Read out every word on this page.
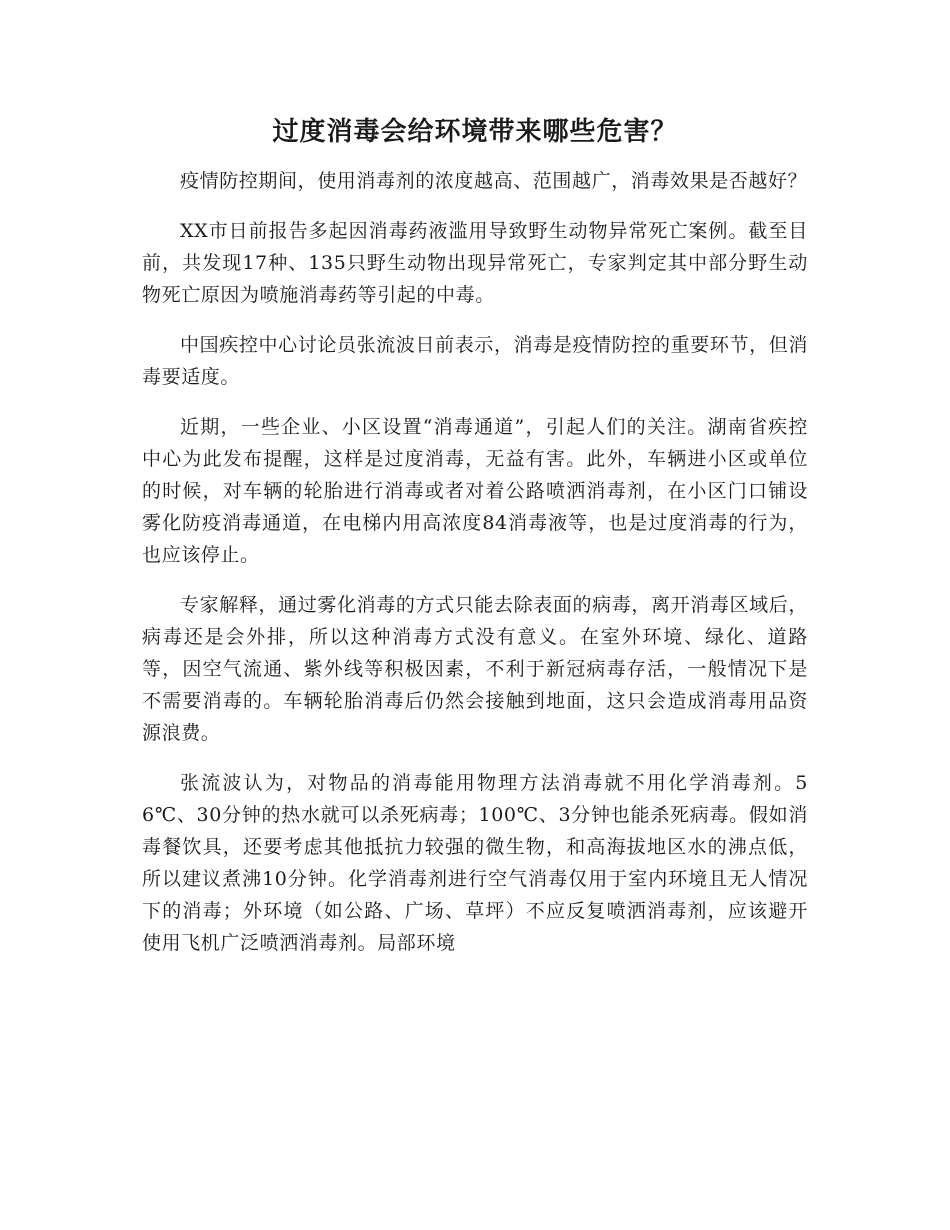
过度消毒会给环境带来哪些危害？

疫情防控期间，使用消毒剂的浓度越高、范围越广，消毒效果是否越好？

XX市日前报告多起因消毒药液滥用导致野生动物异常死亡案例。截至目前，共发现17种、135只野生动物出现异常死亡，专家判定其中部分野生动物死亡原因为喷施消毒药等引起的中毒。

中国疾控中心讨论员张流波日前表示，消毒是疫情防控的重要环节，但消毒要适度。

近期，一些企业、小区设置“消毒通道”，引起人们的关注。湖南省疾控中心为此发布提醒，这样是过度消毒，无益有害。此外，车辆进小区或单位的时候，对车辆的轮胎进行消毒或者对着公路喷洒消毒剂，在小区门口铺设雾化防疫消毒通道，在电梯内用高浓度84消毒液等，也是过度消毒的行为，也应该停止。

专家解释，通过雾化消毒的方式只能去除表面的病毒，离开消毒区域后，病毒还是会外排，所以这种消毒方式没有意义。在室外环境、绿化、道路等，因空气流通、紫外线等积极因素，不利于新冠病毒存活，一般情况下是不需要消毒的。车辆轮胎消毒后仍然会接触到地面，这只会造成消毒用品资源浪费。

张流波认为，对物品的消毒能用物理方法消毒就不用化学消毒剂。56℃、30分钟的热水就可以杀死病毒；100℃、3分钟也能杀死病毒。假如消毒餐饮具，还要考虑其他抵抗力较强的微生物，和高海拔地区水的沸点低，所以建议煮沸10分钟。化学消毒剂进行空气消毒仅用于室内环境且无人情况下的消毒；外环境（如公路、广场、草坪）不应反复喷洒消毒剂，应该避开使用飞机广泛喷洒消毒剂。局部环境
